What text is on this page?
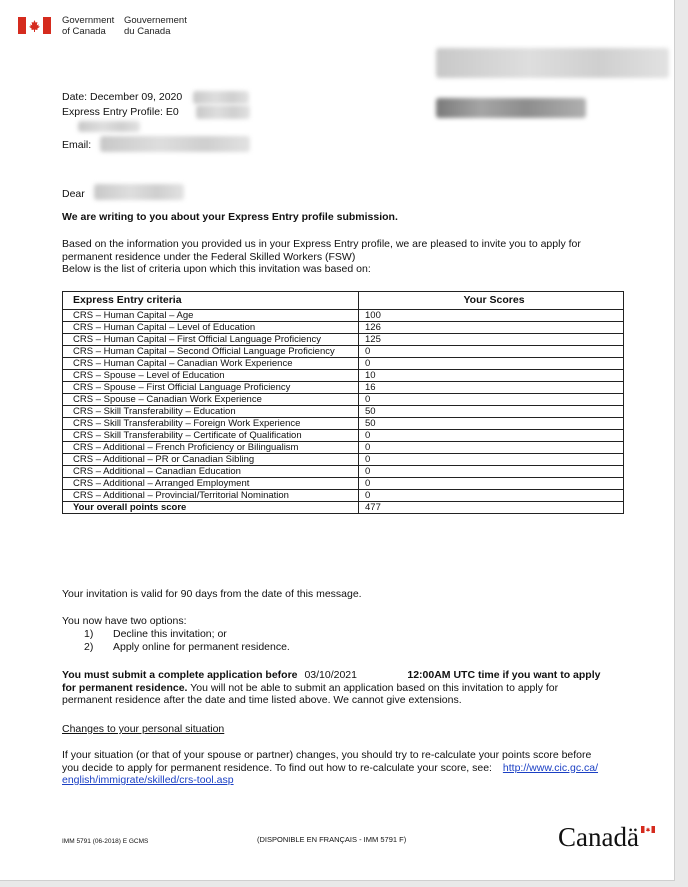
Government
of Canada
Gouvernement
du Canada
Date: December 09, 2020
Express Entry Profile: E0
Email:
Dear
We are writing to you about your Express Entry profile submission.
Based on the information you provided us in your Express Entry profile, we are pleased to invite you to apply for
permanent residence under the Federal Skilled Workers (FSW)
Below is the list of criteria upon which this invitation was based on:
Express Entry criteria	Your Scores
CRS – Human Capital – Age	100
CRS – Human Capital – Level of Education	126
CRS – Human Capital – First Official Language Proficiency	125
CRS – Human Capital – Second Official Language Proficiency	0
CRS – Human Capital – Canadian Work Experience	0
CRS – Spouse – Level of Education	10
CRS – Spouse – First Official Language Proficiency	16
CRS – Spouse – Canadian Work Experience	0
CRS – Skill Transferability – Education	50
CRS – Skill Transferability – Foreign Work Experience	50
CRS – Skill Transferability – Certificate of Qualification	0
CRS – Additional – French Proficiency or Bilingualism	0
CRS – Additional – PR or Canadian Sibling	0
CRS – Additional – Canadian Education	0
CRS – Additional – Arranged Employment	0
CRS – Additional – Provincial/Territorial Nomination	0
Your overall points score	477
Your invitation is valid for 90 days from the date of this message.
You now have two options:
1) Decline this invitation; or
2) Apply online for permanent residence.
You must submit a complete application before 03/10/2021	12:00AM UTC time if you want to apply
for permanent residence. You will not be able to submit an application based on this invitation to apply for
permanent residence after the date and time listed above. We cannot give extensions.
Changes to your personal situation
If your situation (or that of your spouse or partner) changes, you should try to re-calculate your points score before
you decide to apply for permanent residence. To find out how to re-calculate your score, see: http://www.cic.gc.ca/
english/immigrate/skilled/crs-tool.asp
IMM 5791 (06-2018) E GCMS	(DISPONIBLE EN FRANÇAIS - IMM 5791 F)	Canadä
